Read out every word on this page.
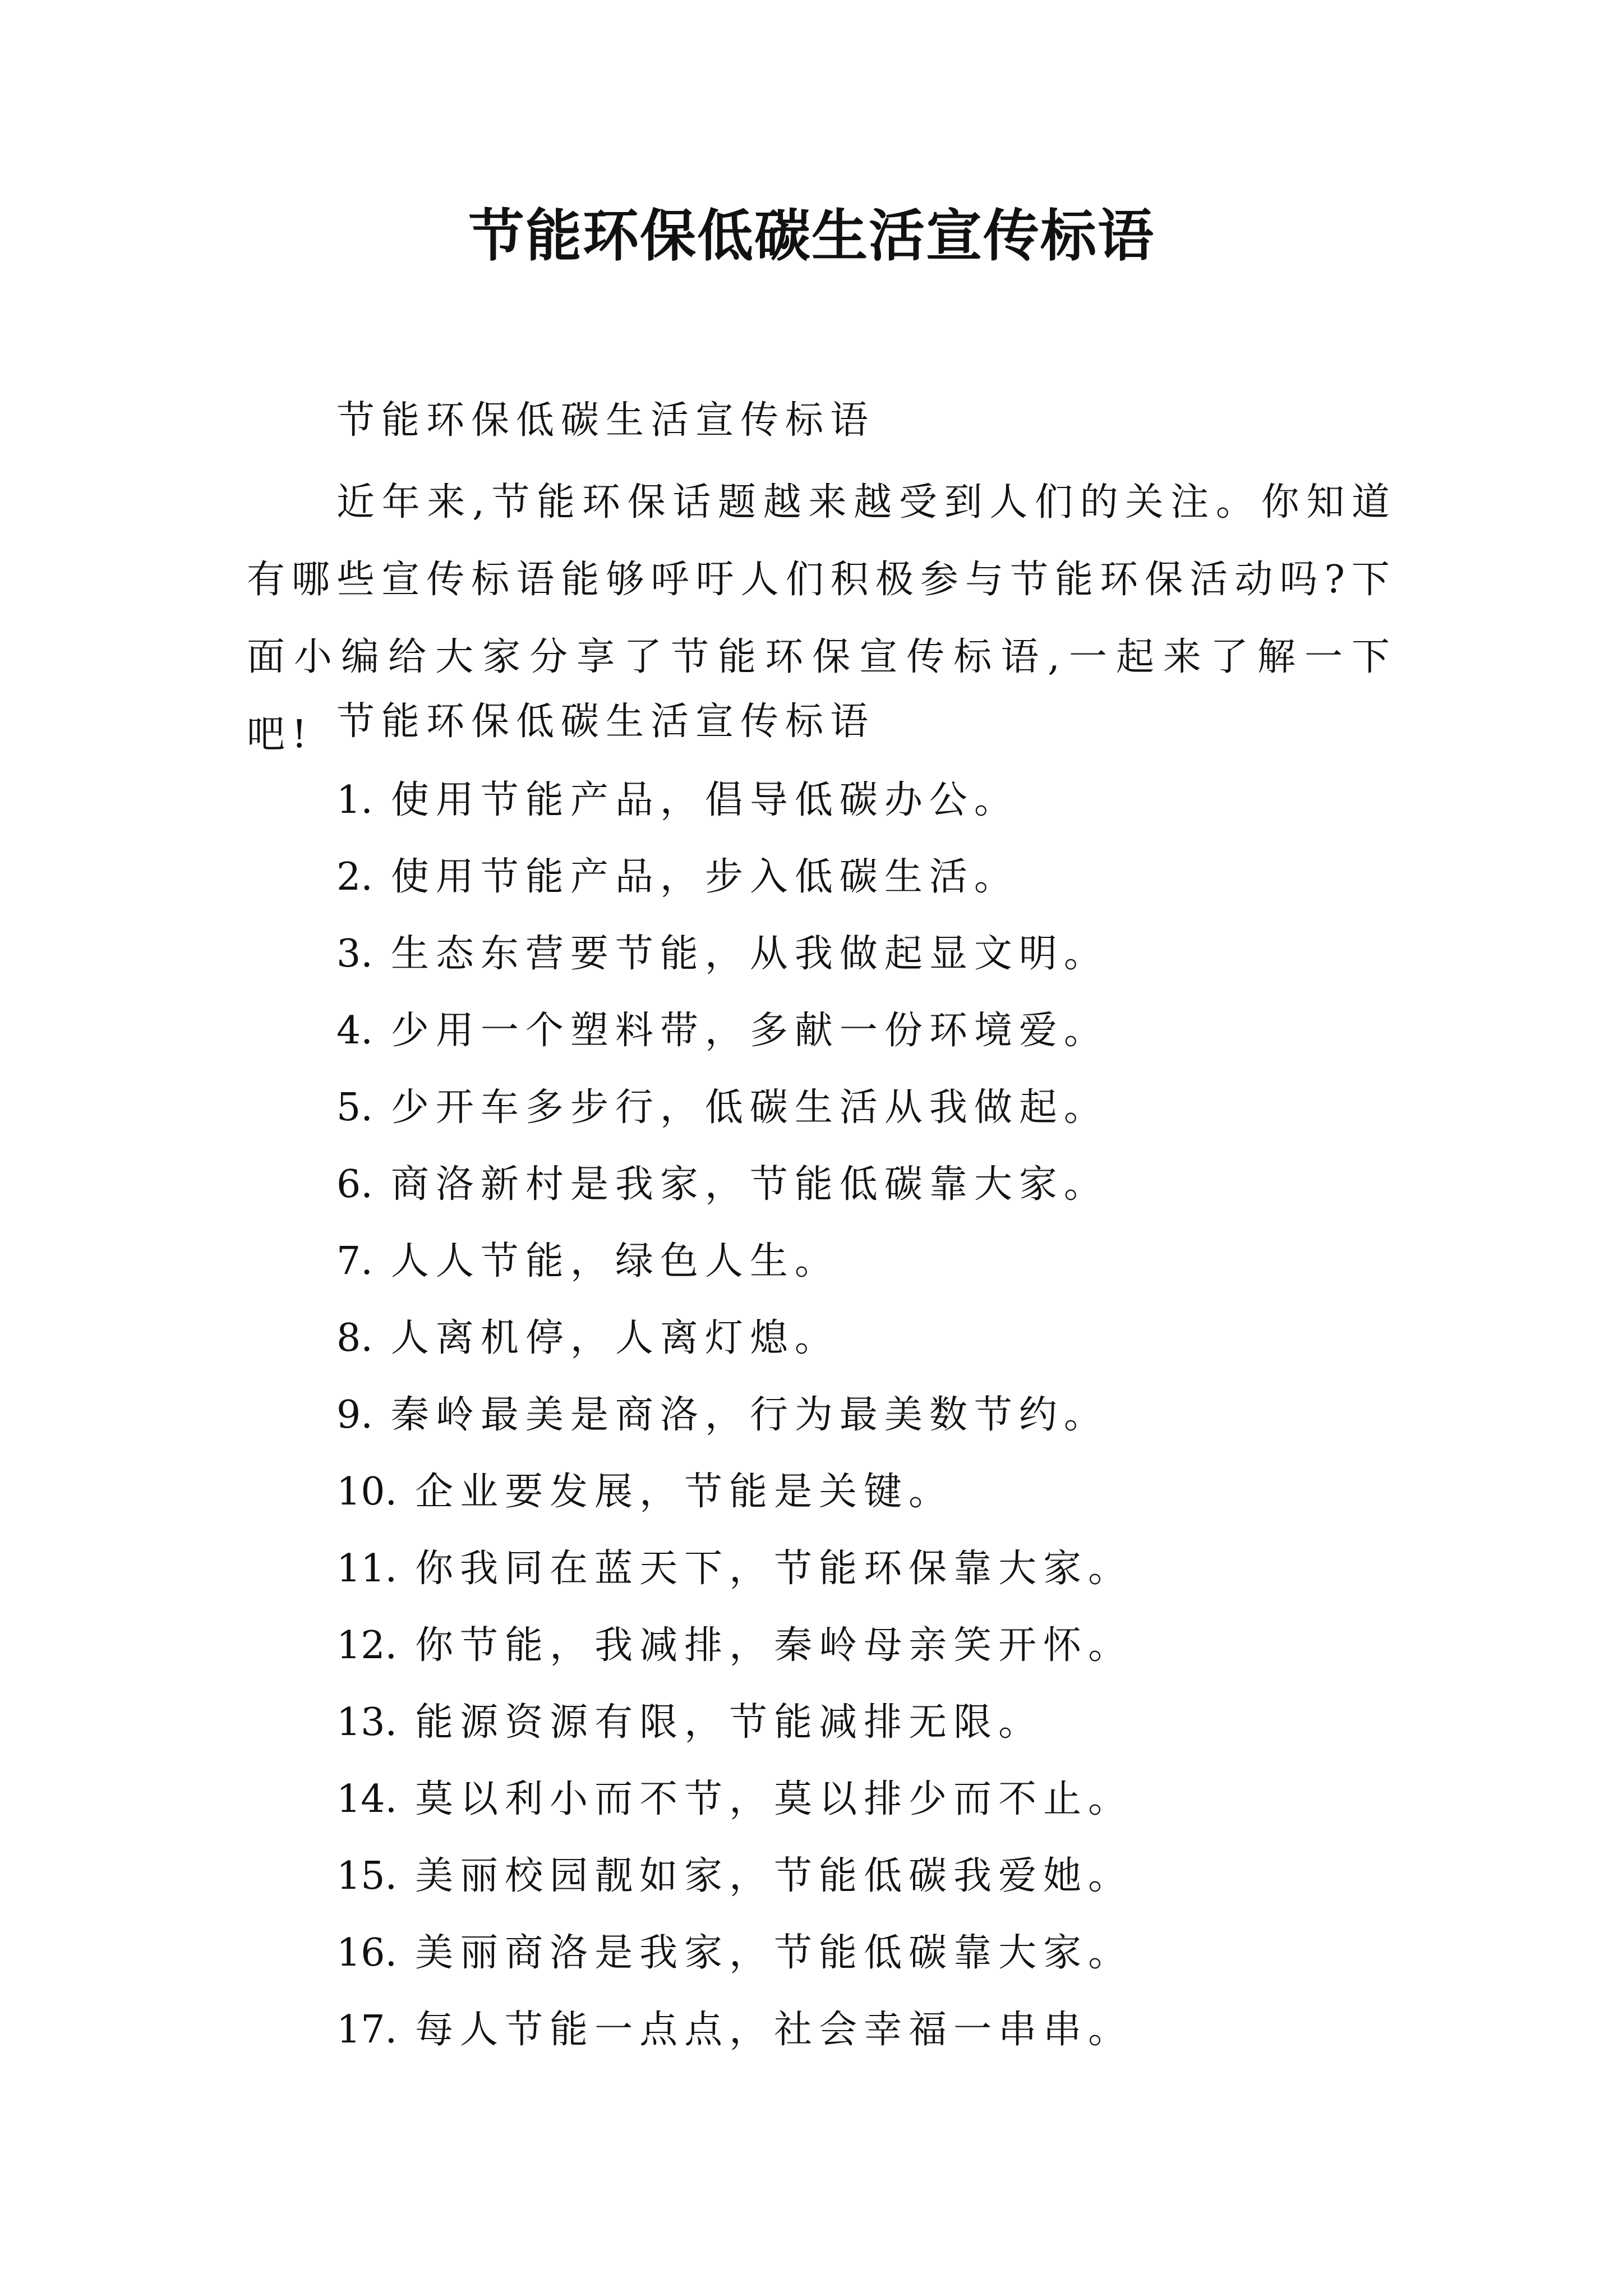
节能环保低碳生活宣传标语
节能环保低碳生活宣传标语
近年来,节能环保话题越来越受到人们的关注。你知道有哪些宣传标语能够呼吁人们积极参与节能环保活动吗?下面小编给大家分享了节能环保宣传标语,一起来了解一下吧! 节能环保低碳生活宣传标语
1. 使用节能产品，倡导低碳办公。
2. 使用节能产品，步入低碳生活。
3. 生态东营要节能，从我做起显文明。
4. 少用一个塑料带，多献一份环境爱。
5. 少开车多步行，低碳生活从我做起。
6. 商洛新村是我家，节能低碳靠大家。
7. 人人节能，绿色人生。
8. 人离机停，人离灯熄。
9. 秦岭最美是商洛，行为最美数节约。
10. 企业要发展，节能是关键。
11. 你我同在蓝天下，节能环保靠大家。
12. 你节能，我减排，秦岭母亲笑开怀。
13. 能源资源有限，节能减排无限。
14. 莫以利小而不节，莫以排少而不止。
15. 美丽校园靓如家，节能低碳我爱她。
16. 美丽商洛是我家，节能低碳靠大家。
17. 每人节能一点点，社会幸福一串串。
